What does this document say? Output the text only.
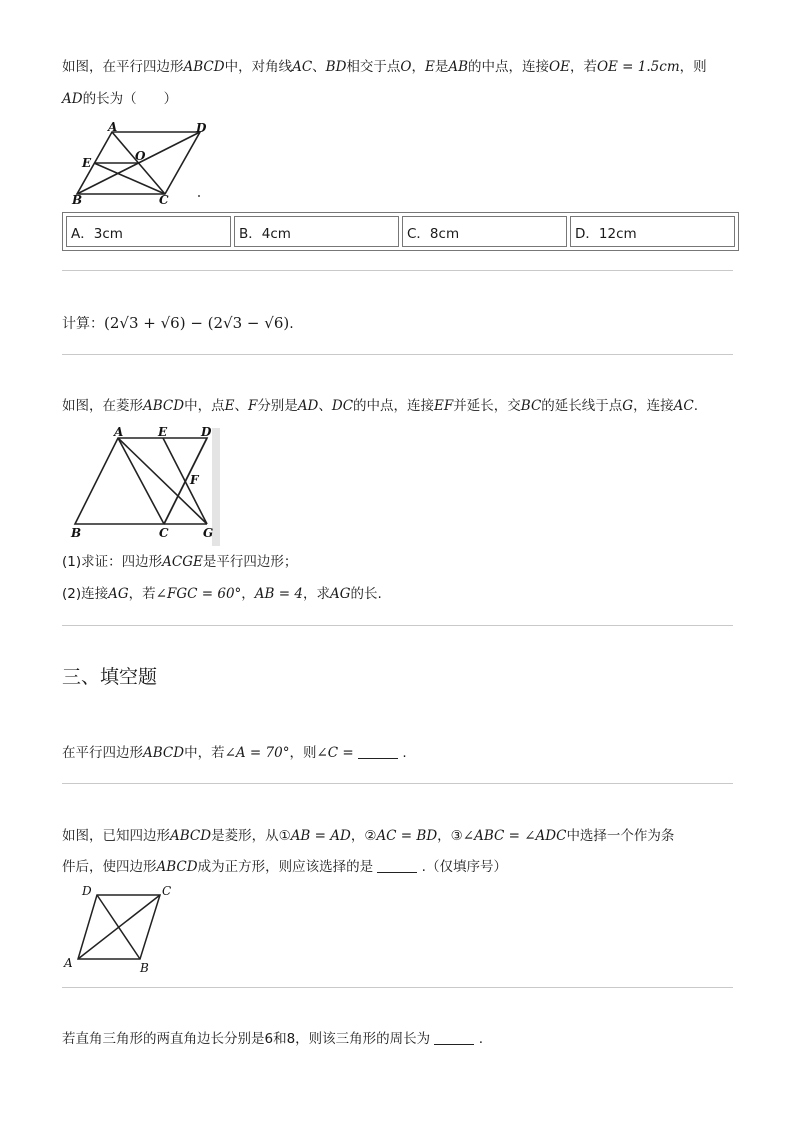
如图，在平行四边形ABCD中，对角线AC、BD相交于点O，E是AB的中点，连接OE，若OE = 1.5cm，则
AD的长为（　　）
A	D
E	O
B	C
A．3cm	B．4cm	C．8cm	D．12cm
计算：(2√3 + √6) − (2√3 − √6).
如图，在菱形ABCD中，点E、F分别是AD、DC的中点，连接EF并延长，交BC的延长线于点G，连接AC.
A	E	D
F
B	C	G
(1)求证：四边形ACGE是平行四边形；
(2)连接AG，若∠FGC = 60°，AB = 4，求AG的长.
三、填空题
在平行四边形ABCD中，若∠A = 70°，则∠C =	.
如图，已知四边形ABCD是菱形，从①AB = AD，②AC = BD，③∠ABC = ∠ADC中选择一个作为条
件后，使四边形ABCD成为正方形，则应该选择的是	.（仅填序号）
D	C
A	B
若直角三角形的两直角边长分别是6和8，则该三角形的周长为	.
